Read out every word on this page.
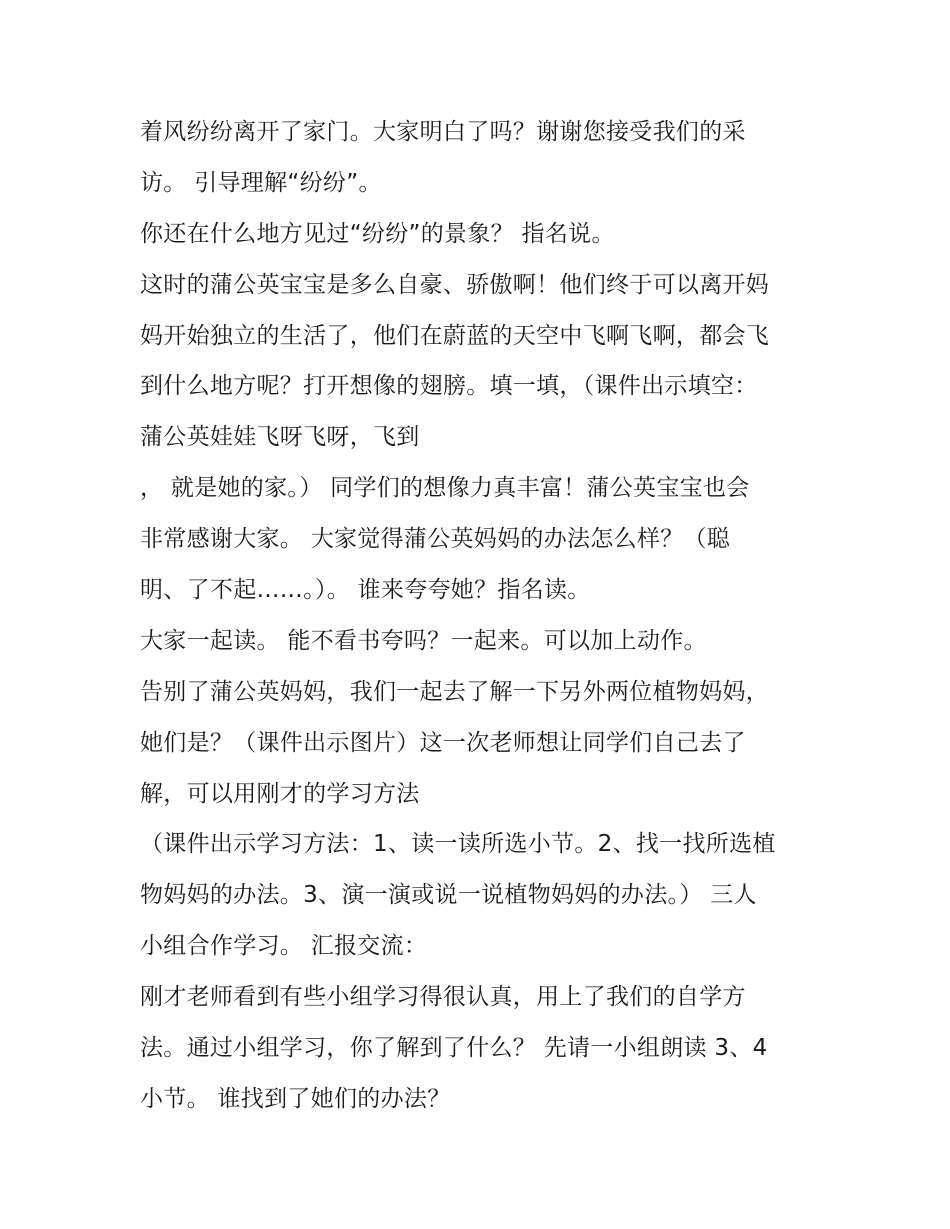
着风纷纷离开了家门。大家明白了吗？谢谢您接受我们的采
访。 引导理解“纷纷”。
你还在什么地方见过“纷纷”的景象？ 指名说。
这时的蒲公英宝宝是多么自豪、骄傲啊！他们终于可以离开妈
妈开始独立的生活了，他们在蔚蓝的天空中飞啊飞啊，都会飞
到什么地方呢？打开想像的翅膀。填一填，（课件出示填空：
蒲公英娃娃飞呀飞呀，飞到
， 就是她的家。） 同学们的想像力真丰富！蒲公英宝宝也会
非常感谢大家。 大家觉得蒲公英妈妈的办法怎么样？（聪
明、了不起……。）。 谁来夸夸她？指名读。
大家一起读。 能不看书夸吗？一起来。可以加上动作。
告别了蒲公英妈妈，我们一起去了解一下另外两位植物妈妈，
她们是？（课件出示图片）这一次老师想让同学们自己去了
解，可以用刚才的学习方法
（课件出示学习方法：1、读一读所选小节。2、找一找所选植
物妈妈的办法。3、演一演或说一说植物妈妈的办法。） 三人
小组合作学习。 汇报交流：
刚才老师看到有些小组学习得很认真，用上了我们的自学方
法。通过小组学习，你了解到了什么？ 先请一小组朗读 3、4
小节。 谁找到了她们的办法？
